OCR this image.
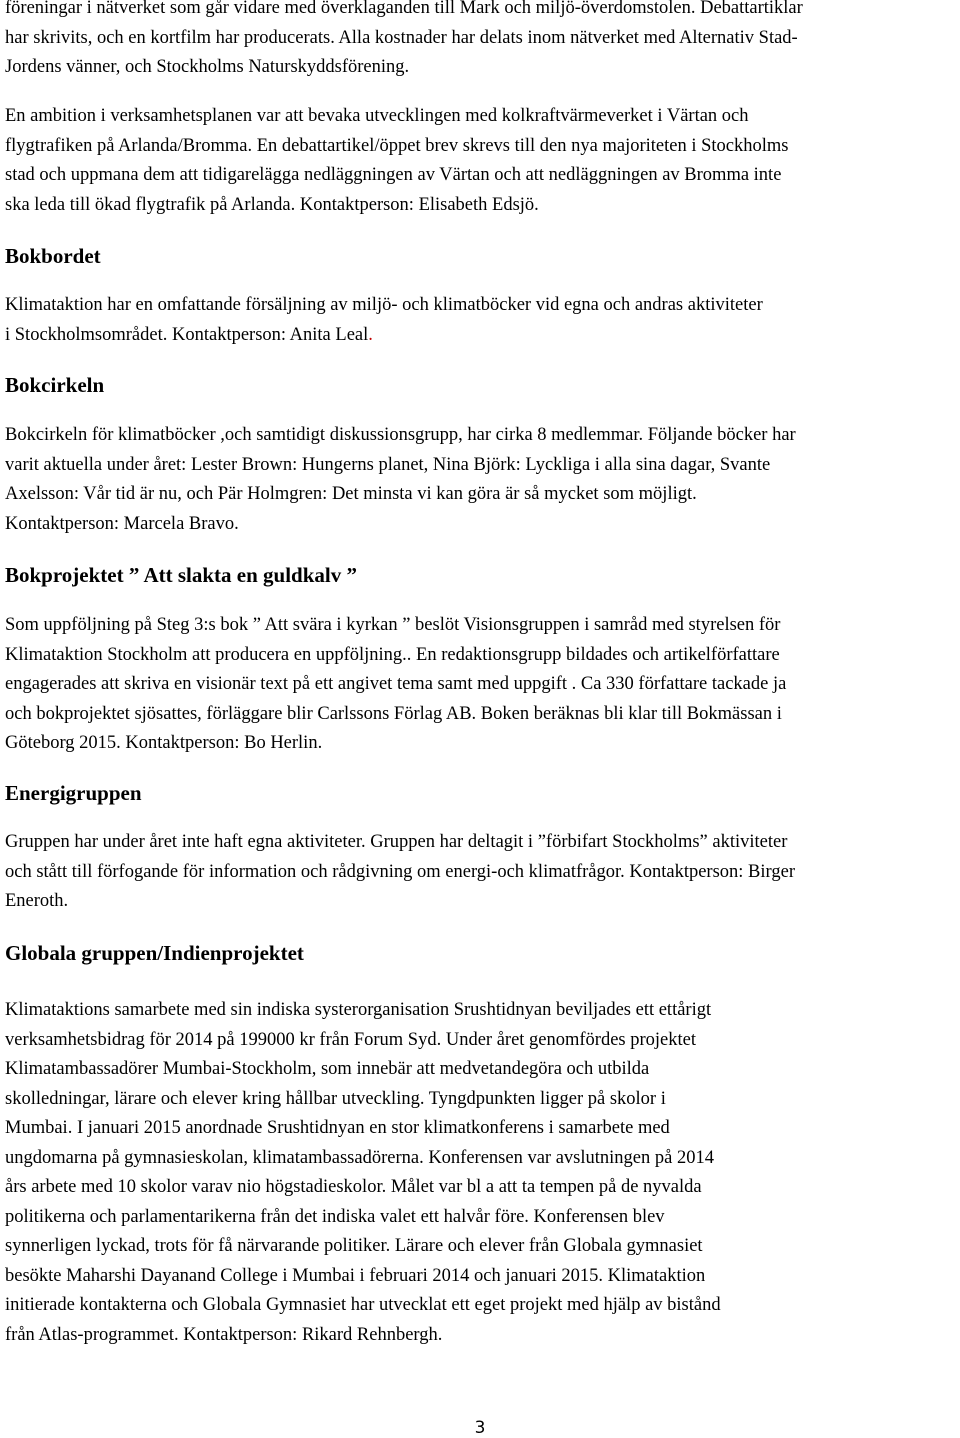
föreningar i nätverket som går vidare med överklaganden till Mark och miljö-överdomstolen. Debattartiklar
har skrivits, och en kortfilm har producerats. Alla kostnader har delats inom nätverket med Alternativ Stad-
Jordens vänner, och Stockholms Naturskyddsförening.
En ambition i verksamhetsplanen var att bevaka utvecklingen med kolkraftvärmeverket i Värtan och
flygtrafiken på Arlanda/Bromma. En debattartikel/öppet brev skrevs till den nya majoriteten i Stockholms
stad och uppmana dem att tidigarelägga nedläggningen av Värtan och att nedläggningen av Bromma inte
ska leda till ökad flygtrafik på Arlanda. Kontaktperson: Elisabeth Edsjö.
Bokbordet
Klimataktion har en omfattande försäljning av miljö- och klimatböcker vid egna och andras aktiviteter
i Stockholmsområdet. Kontaktperson: Anita Leal.
Bokcirkeln
Bokcirkeln för klimatböcker ,och samtidigt diskussionsgrupp, har cirka 8 medlemmar. Följande böcker har
varit aktuella under året: Lester Brown: Hungerns planet, Nina Björk: Lyckliga i alla sina dagar, Svante
Axelsson: Vår tid är nu, och Pär Holmgren: Det minsta vi kan göra är så mycket som möjligt.
Kontaktperson: Marcela Bravo.
Bokprojektet ” Att slakta en guldkalv ”
Som uppföljning på Steg 3:s bok ” Att svära i kyrkan ” beslöt Visionsgruppen i samråd med styrelsen för
Klimataktion Stockholm att producera en uppföljning.. En redaktionsgrupp bildades och artikelförfattare
engagerades att skriva en visionär text på ett angivet tema samt med uppgift . Ca 330 författare tackade ja
och bokprojektet sjösattes, förläggare blir Carlssons Förlag AB. Boken beräknas bli klar till Bokmässan i
Göteborg 2015. Kontaktperson: Bo Herlin.
Energigruppen
Gruppen har under året inte haft egna aktiviteter. Gruppen har deltagit i ”förbifart Stockholms” aktiviteter
och stått till förfogande för information och rådgivning om energi-och klimatfrågor. Kontaktperson: Birger
Eneroth.
Globala gruppen/Indienprojektet
Klimataktions samarbete med sin indiska systerorganisation Srushtidnyan beviljades ett ettårigt
verksamhetsbidrag för 2014 på 199000 kr från Forum Syd. Under året genomfördes projektet
Klimatambassadörer Mumbai-Stockholm, som innebär att medvetandegöra och utbilda
skolledningar, lärare och elever kring hållbar utveckling. Tyngdpunkten ligger på skolor i
Mumbai. I januari 2015 anordnade Srushtidnyan en stor klimatkonferens i samarbete med
ungdomarna på gymnasieskolan, klimatambassadörerna. Konferensen var avslutningen på 2014
års arbete med 10 skolor varav nio högstadieskolor. Målet var bl a att ta tempen på de nyvalda
politikerna och parlamentarikerna från det indiska valet ett halvår före. Konferensen blev
synnerligen lyckad, trots för få närvarande politiker. Lärare och elever från Globala gymnasiet
besökte Maharshi Dayanand College i Mumbai i februari 2014 och januari 2015. Klimataktion
initierade kontakterna och Globala Gymnasiet har utvecklat ett eget projekt med hjälp av bistånd
från Atlas-programmet. Kontaktperson: Rikard Rehnbergh.
3
